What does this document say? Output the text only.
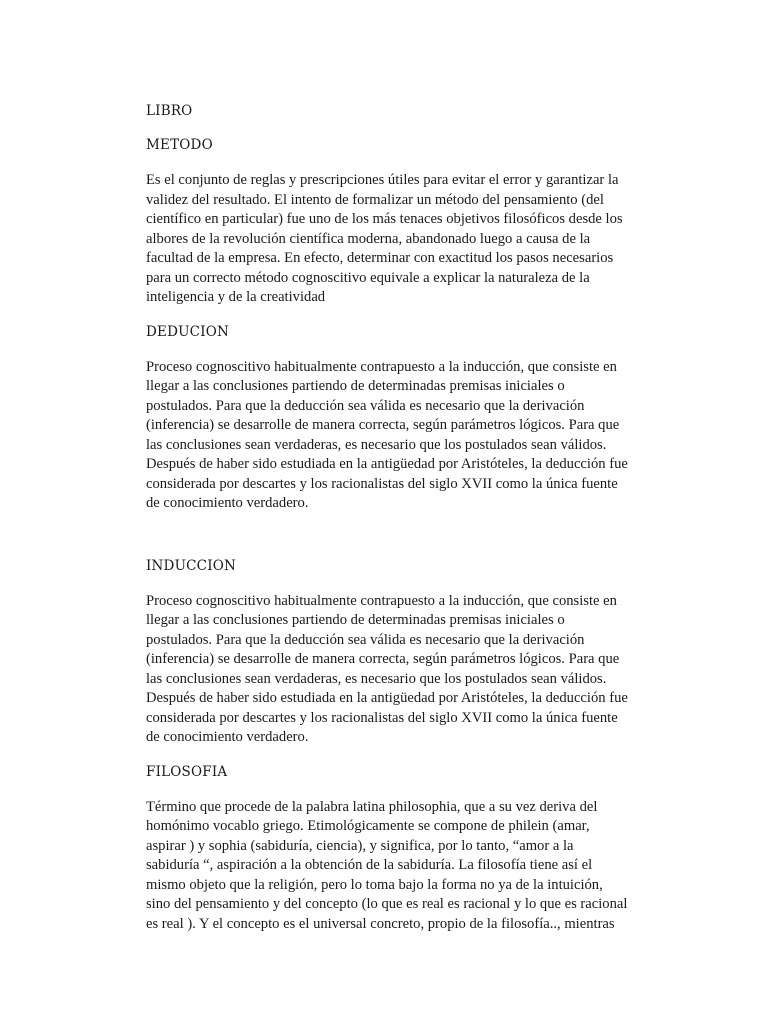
LIBRO

METODO

Es el conjunto de reglas y prescripciones útiles para evitar el error y garantizar la
validez del resultado. El intento de formalizar un método del pensamiento (del
científico en particular) fue uno de los más tenaces objetivos filosóficos desde los
albores de la revolución científica moderna, abandonado luego a causa de la
facultad de la empresa. En efecto, determinar con exactitud los pasos necesarios
para un correcto método cognoscitivo equivale a explicar la naturaleza de la
inteligencia y de la creatividad

DEDUCION

Proceso cognoscitivo habitualmente contrapuesto a la inducción, que consiste en
llegar a las conclusiones partiendo de determinadas premisas iniciales o
postulados. Para que la deducción sea válida es necesario que la derivación
(inferencia) se desarrolle de manera correcta, según parámetros lógicos. Para que
las conclusiones sean verdaderas, es necesario que los postulados sean válidos.
Después de haber sido estudiada en la antigüedad por Aristóteles, la deducción fue
considerada por descartes y los racionalistas del siglo XVII como la única fuente
de conocimiento verdadero.

INDUCCION

Proceso cognoscitivo habitualmente contrapuesto a la inducción, que consiste en
llegar a las conclusiones partiendo de determinadas premisas iniciales o
postulados. Para que la deducción sea válida es necesario que la derivación
(inferencia) se desarrolle de manera correcta, según parámetros lógicos. Para que
las conclusiones sean verdaderas, es necesario que los postulados sean válidos.
Después de haber sido estudiada en la antigüedad por Aristóteles, la deducción fue
considerada por descartes y los racionalistas del siglo XVII como la única fuente
de conocimiento verdadero.

FILOSOFIA

Término que procede de la palabra latina philosophia, que a su vez deriva del
homónimo vocablo griego. Etimológicamente se compone de philein (amar,
aspirar ) y sophia (sabiduría, ciencia), y significa, por lo tanto, “amor a la
sabiduría “, aspiración a la obtención de la sabiduría. La filosofía tiene así el
mismo objeto que la religión, pero lo toma bajo la forma no ya de la intuición,
sino del pensamiento y del concepto (lo que es real es racional y lo que es racional
es real ). Y el concepto es el universal concreto, propio de la filosofía.., mientras
